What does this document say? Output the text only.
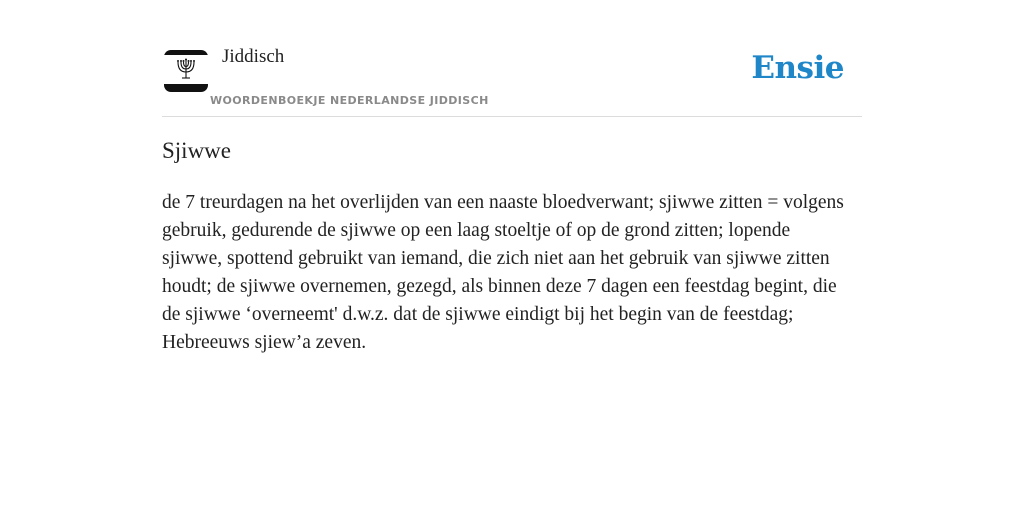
Jiddisch
WOORDENBOEKJE NEDERLANDSE JIDDISCH
Ensie
Sjiwwe

de 7 treurdagen na het overlijden van een naaste bloedverwant; sjiwwe zitten = volgens gebruik, gedurende de sjiwwe op een laag stoeltje of op de grond zitten; lopende sjiwwe, spottend gebruikt van iemand, die zich niet aan het gebruik van sjiwwe zitten houdt; de sjiwwe overnemen, gezegd, als binnen deze 7 dagen een feestdag begint, die de sjiwwe ‘overneemt' d.w.z. dat de sjiwwe eindigt bij het begin van de feestdag; Hebreeuws sjiew’a zeven.
